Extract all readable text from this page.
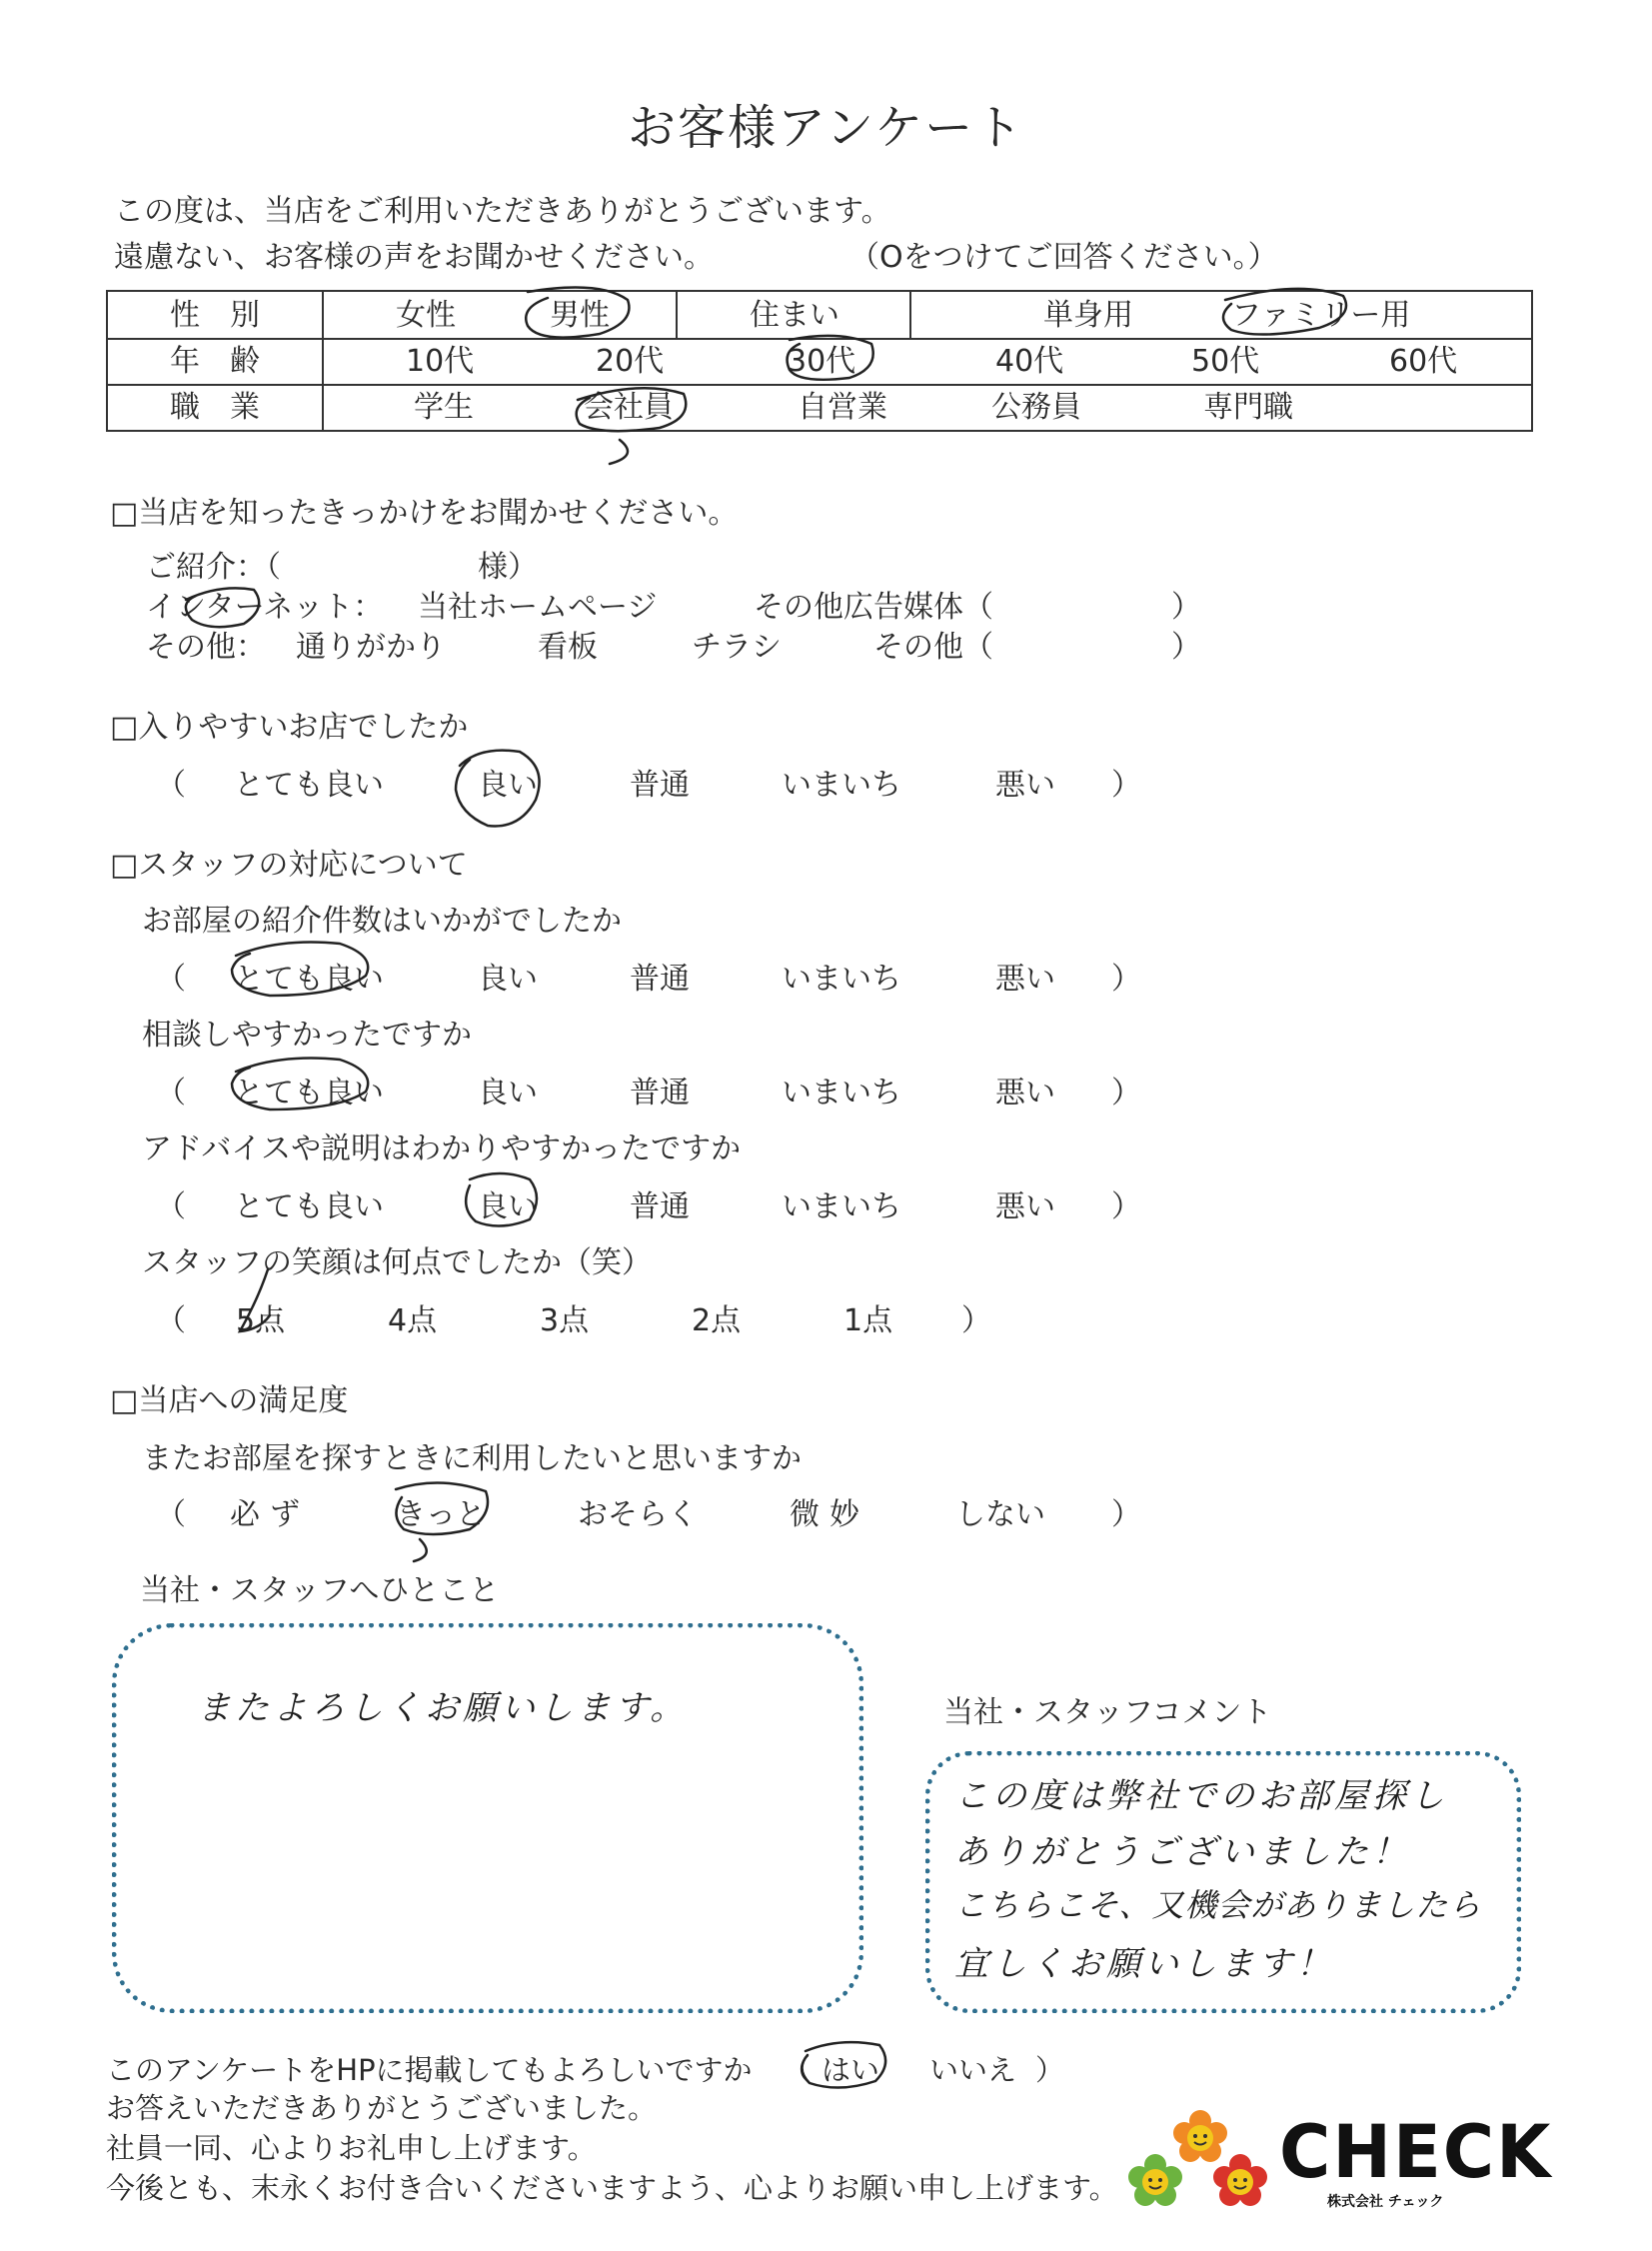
お客様アンケート
この度は、当店をご利用いただきありがとうございます。
遠慮ない、お客様の声をお聞かせください。	（Oをつけてご回答ください。）
性　別	女性	男性	住まい	単身用	ファミリー用
年　齢	10代	20代	30代	40代	50代	60代
職　業	学生	会社員	自営業	公務員	専門職
□当店を知ったきっかけをお聞かせください。
ご紹介：（	様）
インターネット： 当社ホームページ	その他広告媒体（	）
その他： 通りがかり	看板	チラシ	その他（	）
□入りやすいお店でしたか
（ とても良い	良い	普通	いまいち	悪い ）
□スタッフの対応について
お部屋の紹介件数はいかがでしたか
（ とても良い	良い	普通	いまいち	悪い ）
相談しやすかったですか
（ とても良い	良い	普通	いまいち	悪い ）
アドバイスや説明はわかりやすかったですか
（ とても良い	良い	普通	いまいち	悪い ）
スタッフの笑顔は何点でしたか（笑）
（ 5点	4点	3点	2点	1点 ）
□当店への満足度
またお部屋を探すときに利用したいと思いますか
（ 必ず	きっと	おそらく	微妙	しない ）
当社・スタッフへひとこと
またよろしくお願いします。	当社・スタッフコメント
この度は弊社でのお部屋探し
ありがとうございました！
こちらこそ、又機会がありましたら
宜しくお願いします！
このアンケートをHPに掲載してもよろしいですか （ はい いいえ ）
お答えいただきありがとうございました。
社員一同、心よりお礼申し上げます。
今後とも、末永くお付き合いくださいますよう、心よりお願い申し上げます。 CHECK
株式会社 チェック
